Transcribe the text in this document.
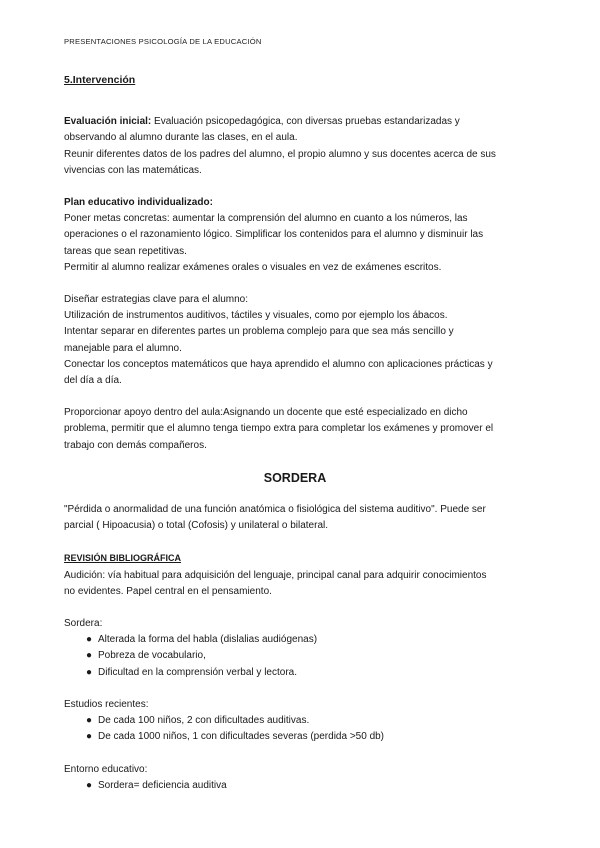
PRESENTACIONES PSICOLOGÍA DE LA EDUCACIÓN
5.Intervención

Evaluación inicial: Evaluación psicopedagógica, con diversas pruebas estandarizadas y

observando al alumno durante las clases, en el aula.

Reunir diferentes datos de los padres del alumno, el propio alumno y sus docentes acerca de sus

vivencias con las matemáticas.

Plan educativo individualizado:

Poner metas concretas: aumentar la comprensión del alumno en cuanto a los números, las

operaciones o el razonamiento lógico. Simplificar los contenidos para el alumno y disminuir las

tareas que sean repetitivas.

Permitir al alumno realizar exámenes orales o visuales en vez de exámenes escritos.

Diseñar estrategias clave para el alumno:

Utilización de instrumentos auditivos, táctiles y visuales, como por ejemplo los ábacos.

Intentar separar en diferentes partes un problema complejo para que sea más sencillo y

manejable para el alumno.

Conectar los conceptos matemáticos que haya aprendido el alumno con aplicaciones prácticas y

del día a día.

Proporcionar apoyo dentro del aula:Asignando un docente que esté especializado en dicho

problema, permitir que el alumno tenga tiempo extra para completar los exámenes y promover el

trabajo con demás compañeros.

SORDERA

"Pérdida o anormalidad de una función anatómica o fisiológica del sistema auditivo". Puede ser

parcial ( Hipoacusia) o total (Cofosis) y unilateral o bilateral.

REVISIÓN BIBLIOGRÁFICA

Audición: vía habitual para adquisición del lenguaje, principal canal para adquirir conocimientos

no evidentes. Papel central en el pensamiento.

Sordera:

● Alterada la forma del habla (dislalias audiógenas)
● Pobreza de vocabulario,
● Dificultad en la comprensión verbal y lectora.

Estudios recientes:

● De cada 100 niños, 2 con dificultades auditivas.
● De cada 1000 niños, 1 con dificultades severas (perdida >50 db)

Entorno educativo:

● Sordera= deficiencia auditiva
